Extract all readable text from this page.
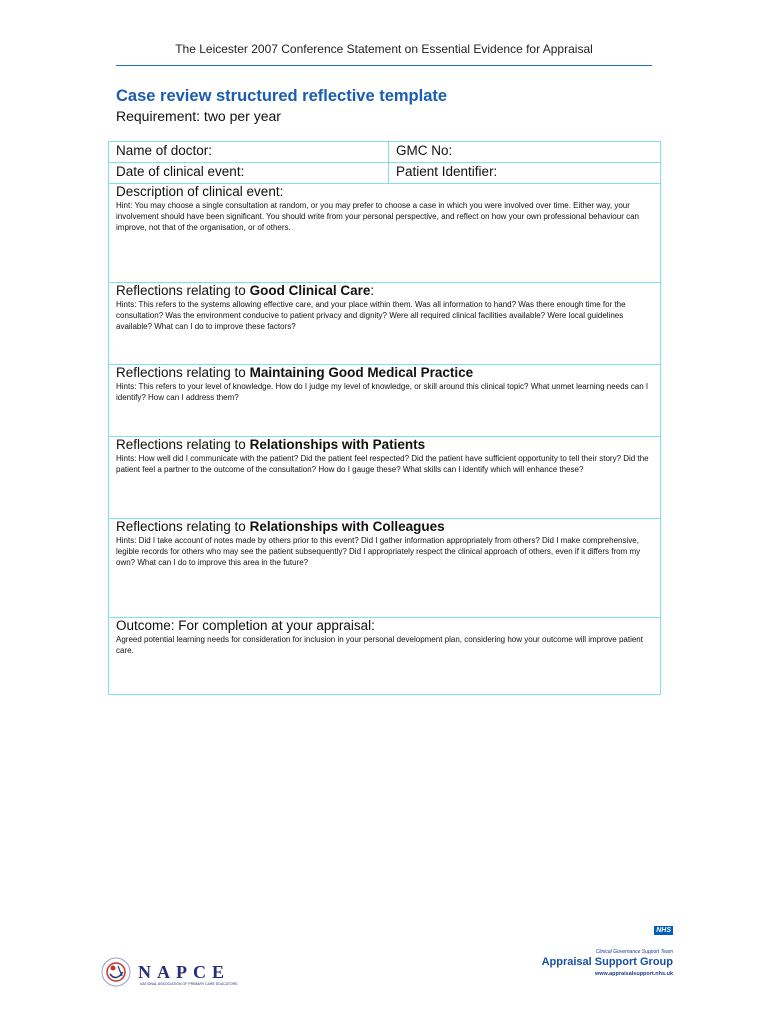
The Leicester 2007 Conference Statement on Essential Evidence for Appraisal
Case review structured reflective template
Requirement: two per year
Name of doctor:	GMC No:
Date of clinical event:	Patient Identifier:

Description of clinical event:
Hint: You may choose a single consultation at random, or you may prefer to choose a case in which you were involved over time. Either way, your involvement should have been significant. You should write from your personal perspective, and reflect on how your own professional behaviour can improve, not that of the organisation, or of others.	

Reflections relating to Good Clinical Care:
Hints: This refers to the systems allowing effective care, and your place within them. Was all information to hand? Was there enough time for the consultation? Was the environment conducive to patient privacy and dignity? Were all required clinical facilities available? Were local guidelines available? What can I do to improve these factors?	

Reflections relating to Maintaining Good Medical Practice
Hints: This refers to your level of knowledge. How do I judge my level of knowledge, or skill around this clinical topic? What unmet learning needs can I identify? How can I address them?	

Reflections relating to Relationships with Patients
Hints: How well did I communicate with the patient? Did the patient feel respected? Did the patient have sufficient opportunity to tell their story? Did the patient feel a partner to the outcome of the consultation? How do I gauge these? What skills can I identify which will enhance these?	

Reflections relating to Relationships with Colleagues
Hints: Did I take account of notes made by others prior to this event? Did I gather information appropriately from others? Did I make comprehensive, legible records for others who may see the patient subsequently? Did I appropriately respect the clinical approach of others, even if it differs from my own? What can I do to improve this area in the future?	

Outcome: For completion at your appraisal:
Agreed potential learning needs for consideration for inclusion in your personal development plan, considering how your outcome will improve patient care.	
NAPCE
NATIONAL ASSOCIATION OF PRIMARY CARE EDUCATORS
NHS
Clinical Governance Support Team
Appraisal Support Group
www.appraisalsupport.nhs.uk
